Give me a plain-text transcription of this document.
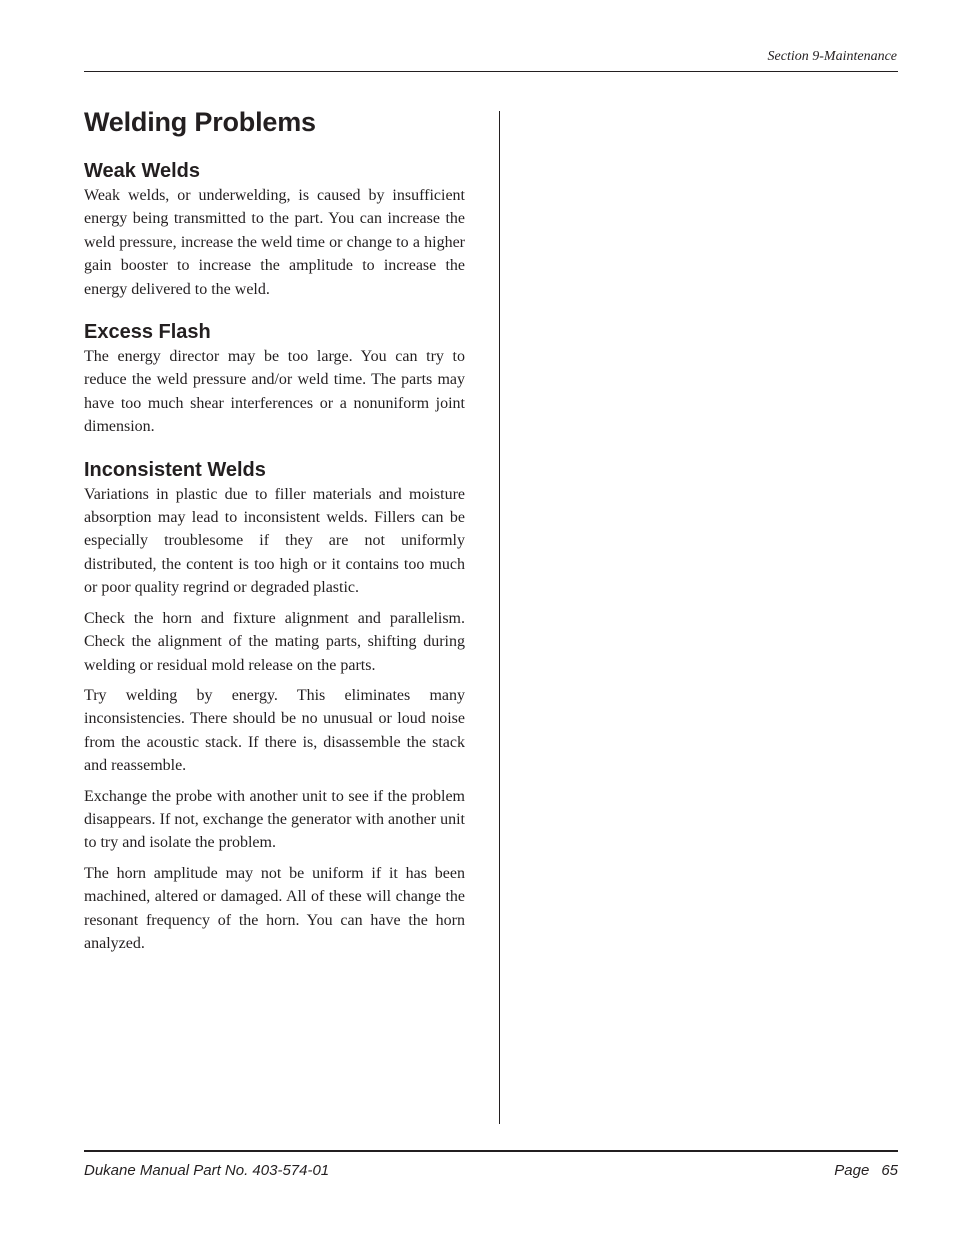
Section 9-Maintenance
Welding Problems
Weak Welds

Weak welds, or underwelding, is caused by insufficient energy being transmitted to the part. You can increase the weld pressure, increase the weld time or change to a higher gain booster to increase the amplitude to increase the energy delivered to the weld.

Excess Flash

The energy director may be too large. You can try to reduce the weld pressure and/or weld time. The parts may have too much shear interferences or a nonuniform joint dimension.

Inconsistent Welds

Variations in plastic due to filler materials and moisture absorption may lead to inconsistent welds. Fillers can be especially troublesome if they are not uniformly distributed, the content is too high or it contains too much or poor quality regrind or degraded plastic.

Check the horn and fixture alignment and parallelism. Check the alignment of the mating parts, shifting during welding or residual mold release on the parts.

Try welding by energy. This eliminates many inconsistencies. There should be no unusual or loud noise from the acoustic stack. If there is, disassemble the stack and reassemble.

Exchange the probe with another unit to see if the problem disappears. If not, exchange the generator with another unit to try and isolate the problem.

The horn amplitude may not be uniform if it has been machined, altered or damaged. All of these will change the resonant frequency of the horn. You can have the horn analyzed.

Dukane Manual Part No. 403-574-01	Page 65
